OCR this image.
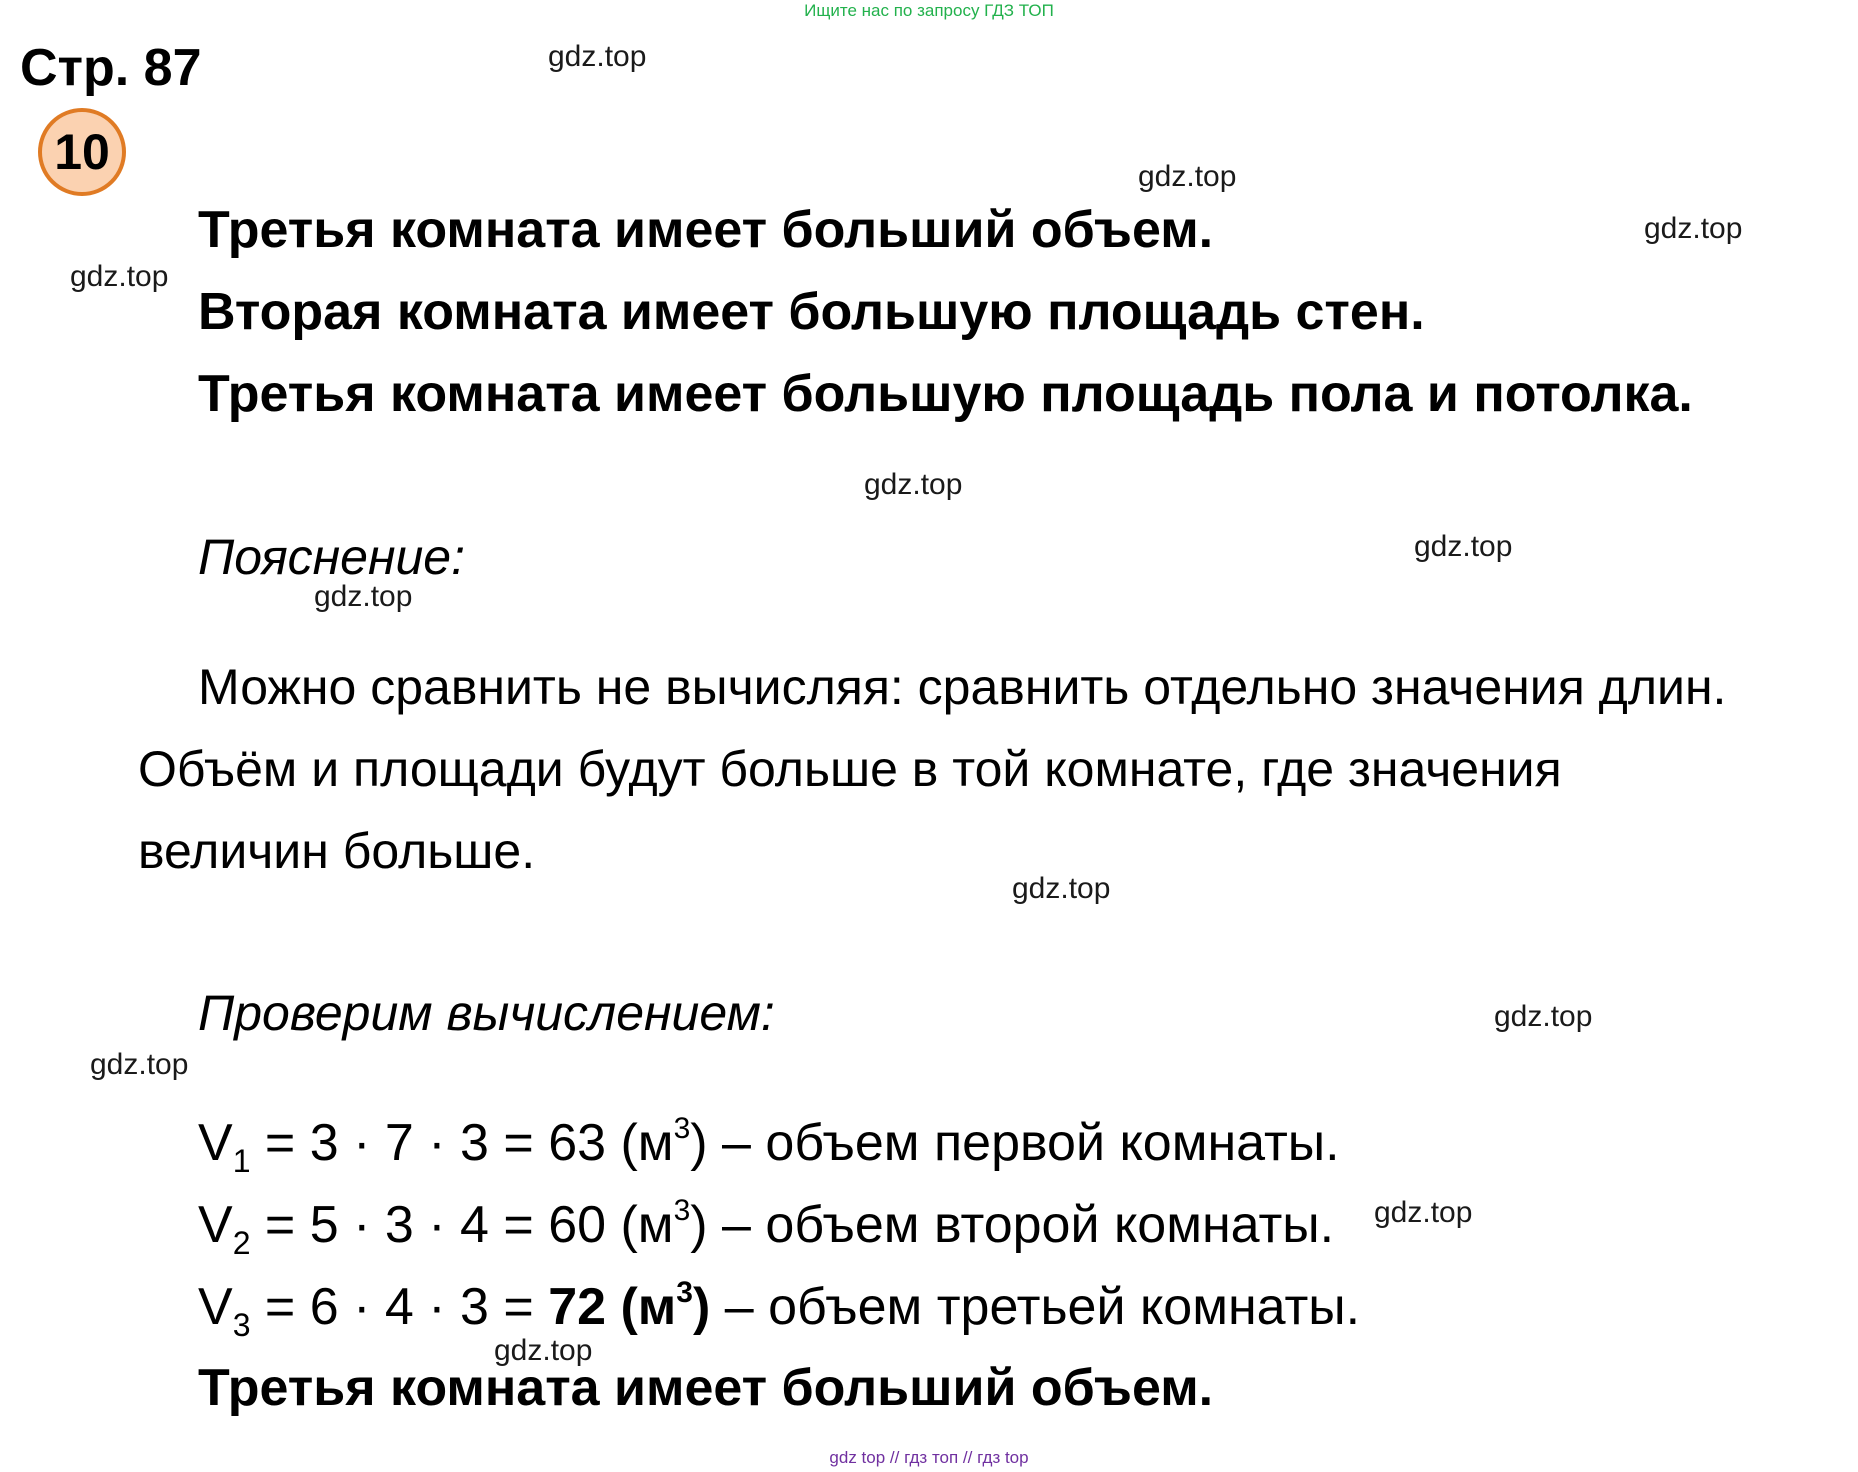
Ищите нас по запросу ГДЗ ТОП
Стр. 87
10
gdz.top
gdz.top
gdz.top
gdz.top
gdz.top
gdz.top
gdz.top
gdz.top
gdz.top
gdz.top
gdz.top
gdz.top
Третья комната имеет больший объем.
Вторая комната имеет большую площадь стен.
Третья комната имеет большую площадь пола и потолка.
Пояснение:
Можно сравнить не вычисляя: сравнить отдельно значения длин.
Объём и площади будут больше в той комнате, где значения
величин больше.
Проверим вычислением:
$V_1 = 3 \cdot 7 \cdot 3 = 63$ $(м^3)$ – объем первой комнаты.
$V_2 = 5 \cdot 3 \cdot 4 = 60$ $(м^3)$ – объем второй комнаты.
$V_3 = 6 \cdot 4 \cdot 3 = 72$ $(м^3)$ – объем третьей комнаты.
Третья комната имеет больший объем.
gdz top // гдз топ // гдз top
